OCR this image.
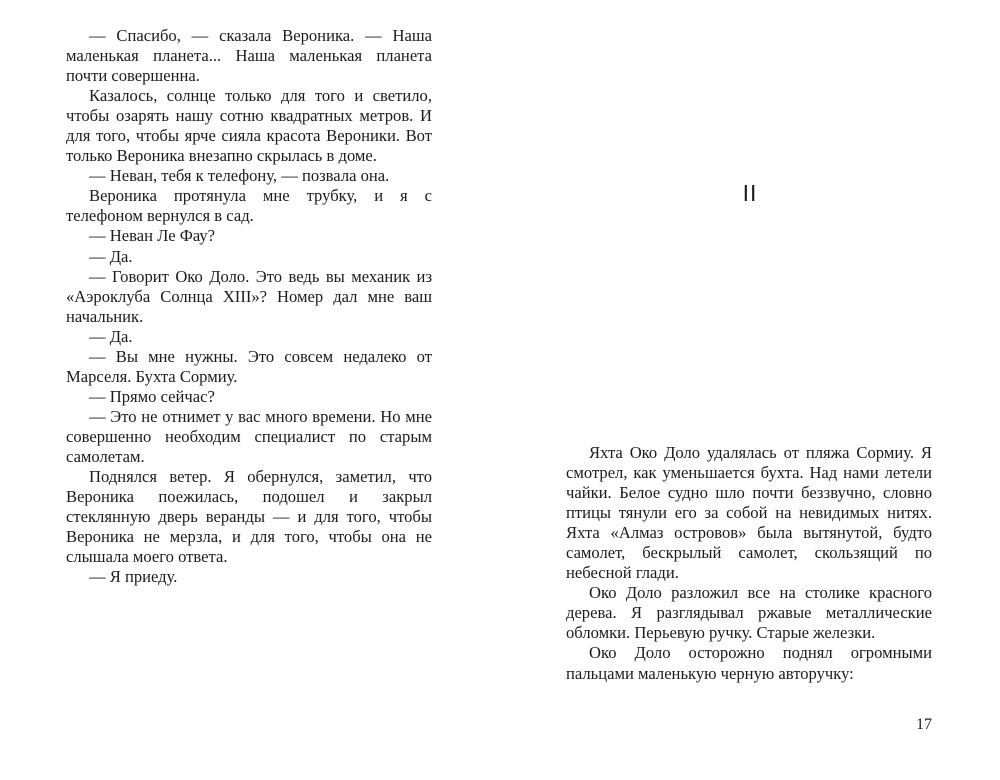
— Спасибо, — сказала Вероника. — Наша маленькая планета... Наша маленькая планета почти совершенна.

Казалось, солнце только для того и светило, чтобы озарять нашу сотню квадратных метров. И для того, чтобы ярче сияла красота Вероники. Вот только Вероника внезапно скрылась в доме.

— Неван, тебя к телефону, — позвала она.

Вероника протянула мне трубку, и я с телефоном вернулся в сад.

— Неван Ле Фау?

— Да.

— Говорит Око Доло. Это ведь вы механик из «Аэроклуба Солнца XIII»? Номер дал мне ваш начальник.

— Да.

— Вы мне нужны. Это совсем недалеко от Марселя. Бухта Сормиу.

— Прямо сейчас?

— Это не отнимет у вас много времени. Но мне совершенно необходим специалист по старым самолетам.

Поднялся ветер. Я обернулся, заметил, что Вероника поежилась, подошел и закрыл стеклянную дверь веранды — и для того, чтобы Вероника не мерзла, и для того, чтобы она не слышала моего ответа.

— Я приеду.

II

Яхта Око Доло удалялась от пляжа Сормиу. Я смотрел, как уменьшается бухта. Над нами летели чайки. Белое судно шло почти беззвучно, словно птицы тянули его за собой на невидимых нитях. Яхта «Алмаз островов» была вытянутой, будто самолет, бескрылый самолет, скользящий по небесной глади.

Око Доло разложил все на столике красного дерева. Я разглядывал ржавые металлические обломки. Перьевую ручку. Старые железки.

Око Доло осторожно поднял огромными пальцами маленькую черную авторучку:

17
